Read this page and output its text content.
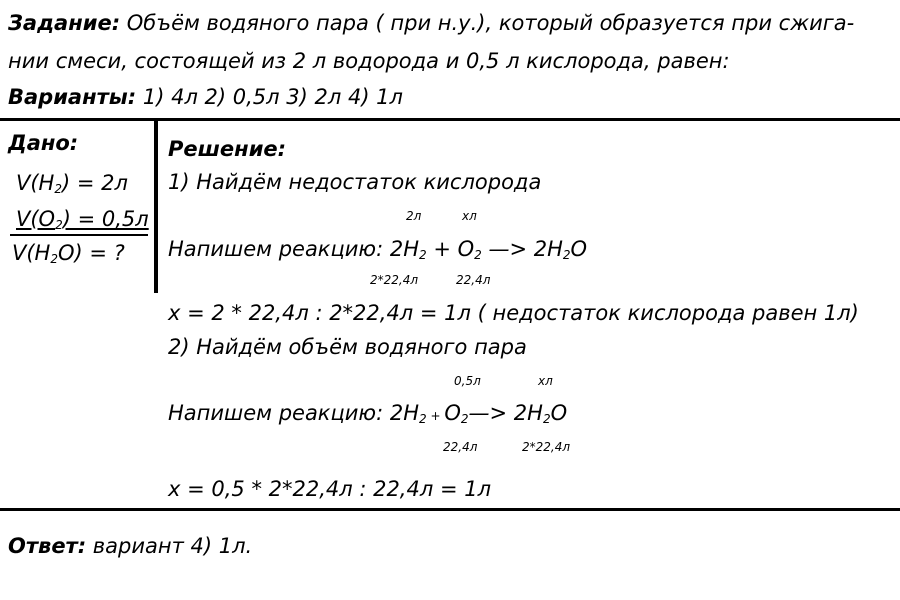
Задание: Объём водяного пара ( при н.у.), который образуется при сжига-
нии смеси, состоящей из 2 л водорода и 0,5 л кислорода, равен:
Варианты: 1) 4л 2) 0,5л 3) 2л 4) 1л
Дано:
$V(H_2) = 2л$
$V(O_2) = 0,5л$
$V(H_2O)$ = ?
Решение:
1) Найдём недостаток кислорода
2л	хл
Напишем реакцию: $2H_2 + O_2$ —> $2H_2O$
2*22,4л	22,4л
x = 2 * 22,4л : 2*22,4л = 1л ( недостаток кислорода равен 1л)
2) Найдём объём водяного пара
0,5л	хл
Напишем реакцию: $2H_2$ + $O_2—> 2H_2O$
22,4л	2*22,4л
x = 0,5 * 2*22,4л : 22,4л = 1л
Ответ: вариант 4) 1л.
